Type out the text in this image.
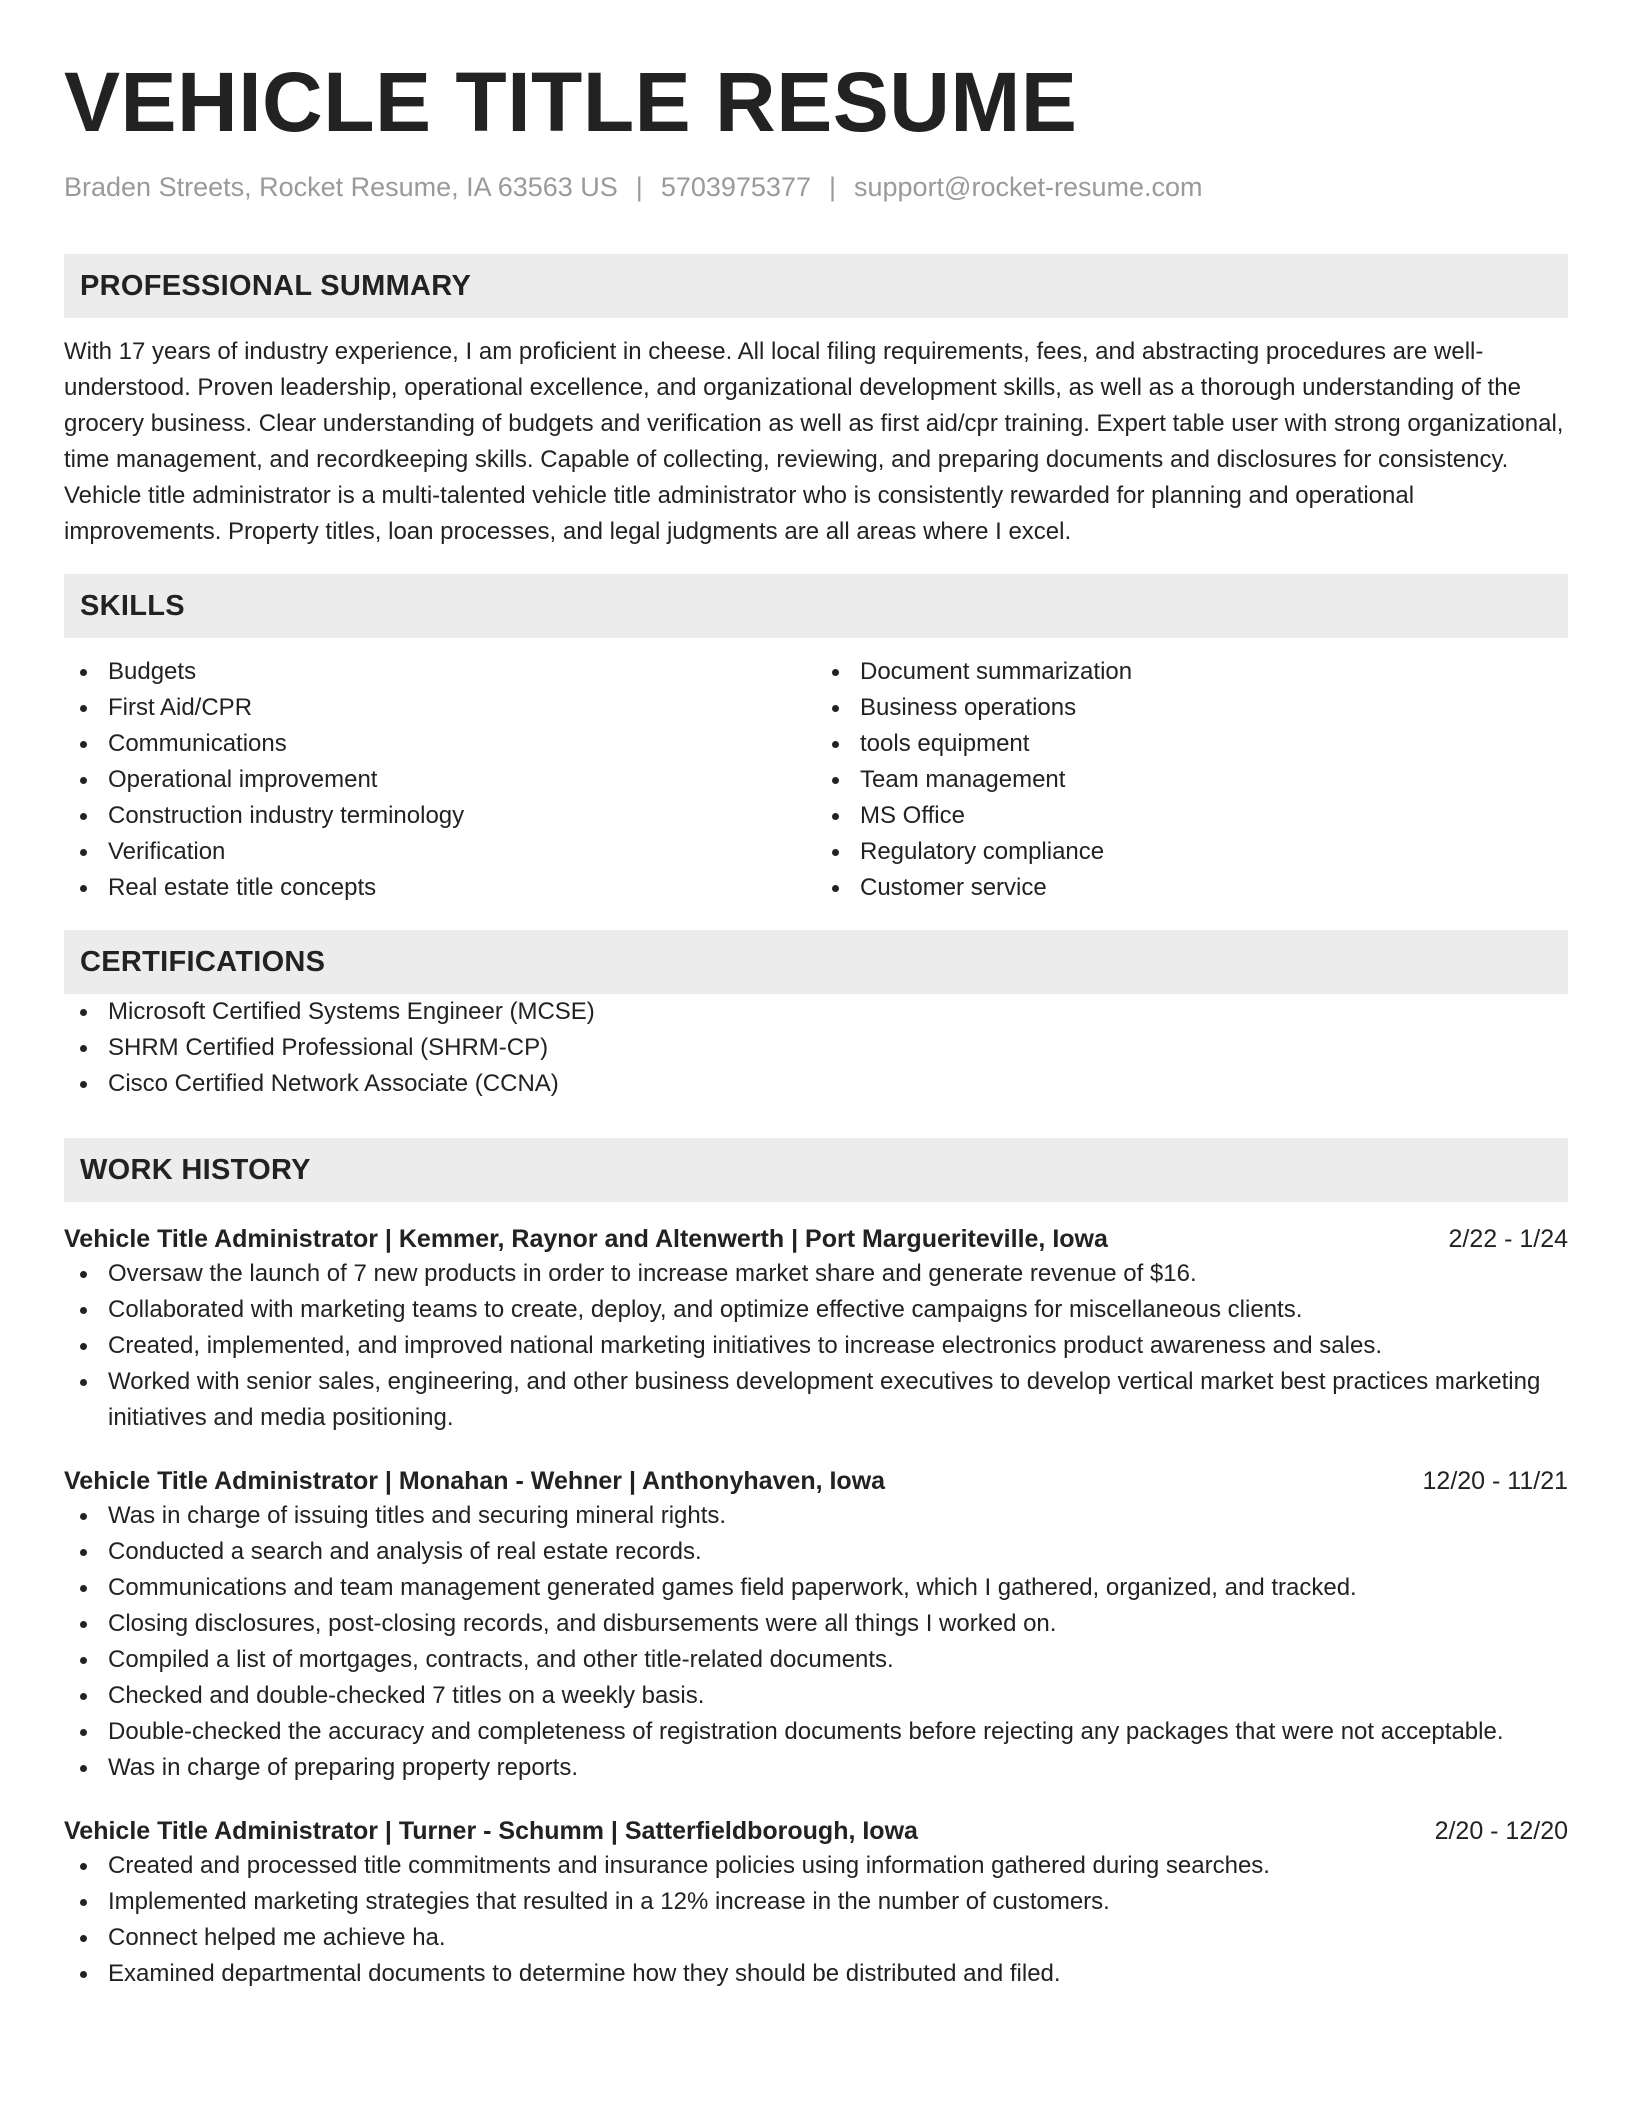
VEHICLE TITLE RESUME
Braden Streets, Rocket Resume, IA 63563 US | 5703975377 | support@rocket-resume.com
PROFESSIONAL SUMMARY

With 17 years of industry experience, I am proficient in cheese. All local filing requirements, fees, and abstracting procedures are well-understood. Proven leadership, operational excellence, and organizational development skills, as well as a thorough understanding of the grocery business. Clear understanding of budgets and verification as well as first aid/cpr training. Expert table user with strong organizational, time management, and recordkeeping skills. Capable of collecting, reviewing, and preparing documents and disclosures for consistency. Vehicle title administrator is a multi-talented vehicle title administrator who is consistently rewarded for planning and operational improvements. Property titles, loan processes, and legal judgments are all areas where I excel.

SKILLS
Budgets
First Aid/CPR
Communications
Operational improvement
Construction industry terminology
Verification
Real estate title concepts
Document summarization
Business operations
tools equipment
Team management
MS Office
Regulatory compliance
Customer service
CERTIFICATIONS
Microsoft Certified Systems Engineer (MCSE)
SHRM Certified Professional (SHRM-CP)
Cisco Certified Network Associate (CCNA)
WORK HISTORY
Vehicle Title Administrator | Kemmer, Raynor and Altenwerth | Port Margueriteville, Iowa	2/22 - 1/24
Oversaw the launch of 7 new products in order to increase market share and generate revenue of $16.
Collaborated with marketing teams to create, deploy, and optimize effective campaigns for miscellaneous clients.
Created, implemented, and improved national marketing initiatives to increase electronics product awareness and sales.
Worked with senior sales, engineering, and other business development executives to develop vertical market best practices marketing initiatives and media positioning.
Vehicle Title Administrator | Monahan - Wehner | Anthonyhaven, Iowa	12/20 - 11/21
Was in charge of issuing titles and securing mineral rights.
Conducted a search and analysis of real estate records.
Communications and team management generated games field paperwork, which I gathered, organized, and tracked.
Closing disclosures, post-closing records, and disbursements were all things I worked on.
Compiled a list of mortgages, contracts, and other title-related documents.
Checked and double-checked 7 titles on a weekly basis.
Double-checked the accuracy and completeness of registration documents before rejecting any packages that were not acceptable.
Was in charge of preparing property reports.
Vehicle Title Administrator | Turner - Schumm | Satterfieldborough, Iowa	2/20 - 12/20
Created and processed title commitments and insurance policies using information gathered during searches.
Implemented marketing strategies that resulted in a 12% increase in the number of customers.
Connect helped me achieve ha.
Examined departmental documents to determine how they should be distributed and filed.
